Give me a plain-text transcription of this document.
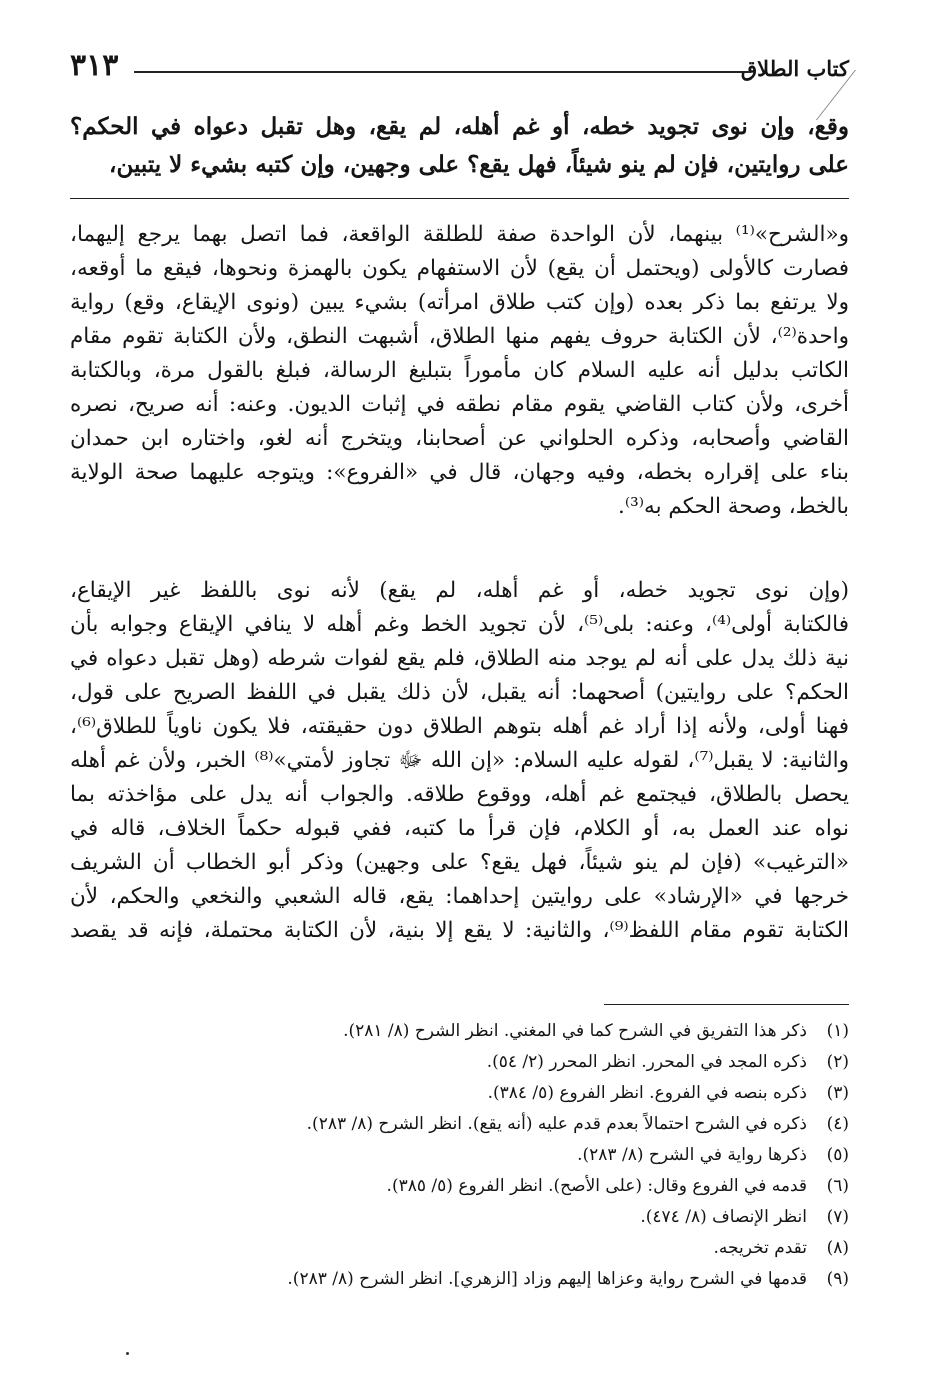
كتاب الطلاق
٣١٣
وقع، وإن نوى تجويد خطه، أو غم أهله، لم يقع، وهل تقبل دعواه في الحكم؟
على روايتين، فإن لم ينو شيئاً، فهل يقع؟ على وجهين، وإن كتبه بشيء لا يتبين،
و«الشرح»⁽¹⁾ بينهما، لأن الواحدة صفة للطلقة الواقعة، فما اتصل بهما يرجع إليهما،
فصارت كالأولى (ويحتمل أن يقع) لأن الاستفهام يكون بالهمزة ونحوها، فيقع ما أوقعه،
ولا يرتفع بما ذكر بعده (وإن كتب طلاق امرأته) بشيء يبين (ونوى الإيقاع، وقع) رواية
واحدة⁽²⁾، لأن الكتابة حروف يفهم منها الطلاق، أشبهت النطق، ولأن الكتابة تقوم مقام
الكاتب بدليل أنه عليه السلام كان مأموراً بتبليغ الرسالة، فبلغ بالقول مرة، وبالكتابة
أخرى، ولأن كتاب القاضي يقوم مقام نطقه في إثبات الديون. وعنه: أنه صريح، نصره
القاضي وأصحابه، وذكره الحلواني عن أصحابنا، ويتخرج أنه لغو، واختاره ابن حمدان
بناء على إقراره بخطه، وفيه وجهان، قال في «الفروع»: ويتوجه عليهما صحة الولاية
بالخط، وصحة الحكم به⁽³⁾.
(وإن نوى تجويد خطه، أو غم أهله، لم يقع) لأنه نوى باللفظ غير الإيقاع،
فالكتابة أولى⁽⁴⁾، وعنه: بلى⁽⁵⁾، لأن تجويد الخط وغم أهله لا ينافي الإيقاع وجوابه بأن
نية ذلك يدل على أنه لم يوجد منه الطلاق، فلم يقع لفوات شرطه (وهل تقبل دعواه في
الحكم؟ على روايتين) أصحهما: أنه يقبل، لأن ذلك يقبل في اللفظ الصريح على قول،
فهنا أولى، ولأنه إذا أراد غم أهله بتوهم الطلاق دون حقيقته، فلا يكون ناوياً للطلاق⁽⁶⁾،
والثانية: لا يقبل⁽⁷⁾، لقوله عليه السلام: «إن الله ﷻ تجاوز لأمتي»⁽⁸⁾ الخبر، ولأن غم أهله
يحصل بالطلاق، فيجتمع غم أهله، ووقوع طلاقه. والجواب أنه يدل على مؤاخذته بما
نواه عند العمل به، أو الكلام، فإن قرأ ما كتبه، ففي قبوله حكماً الخلاف، قاله في
«الترغيب» (فإن لم ينو شيئاً، فهل يقع؟ على وجهين) وذكر أبو الخطاب أن الشريف
خرجها في «الإرشاد» على روايتين إحداهما: يقع، قاله الشعبي والنخعي والحكم، لأن
الكتابة تقوم مقام اللفظ⁽⁹⁾، والثانية: لا يقع إلا بنية، لأن الكتابة محتملة، فإنه قد يقصد
(١)ذكر هذا التفريق في الشرح كما في المغني. انظر الشرح (٨/ ٢٨١).
(٢)ذكره المجد في المحرر. انظر المحرر (٢/ ٥٤).
(٣)ذكره بنصه في الفروع. انظر الفروع (٥/ ٣٨٤).
(٤)ذكره في الشرح احتمالاً بعدم قدم عليه (أنه يقع). انظر الشرح (٨/ ٢٨٣).
(٥)ذكرها رواية في الشرح (٨/ ٢٨٣).
(٦)قدمه في الفروع وقال: (على الأصح). انظر الفروع (٥/ ٣٨٥).
(٧)انظر الإنصاف (٨/ ٤٧٤).
(٨)تقدم تخريجه.
(٩)قدمها في الشرح رواية وعزاها إليهم وزاد [الزهري]. انظر الشرح (٨/ ٢٨٣).
